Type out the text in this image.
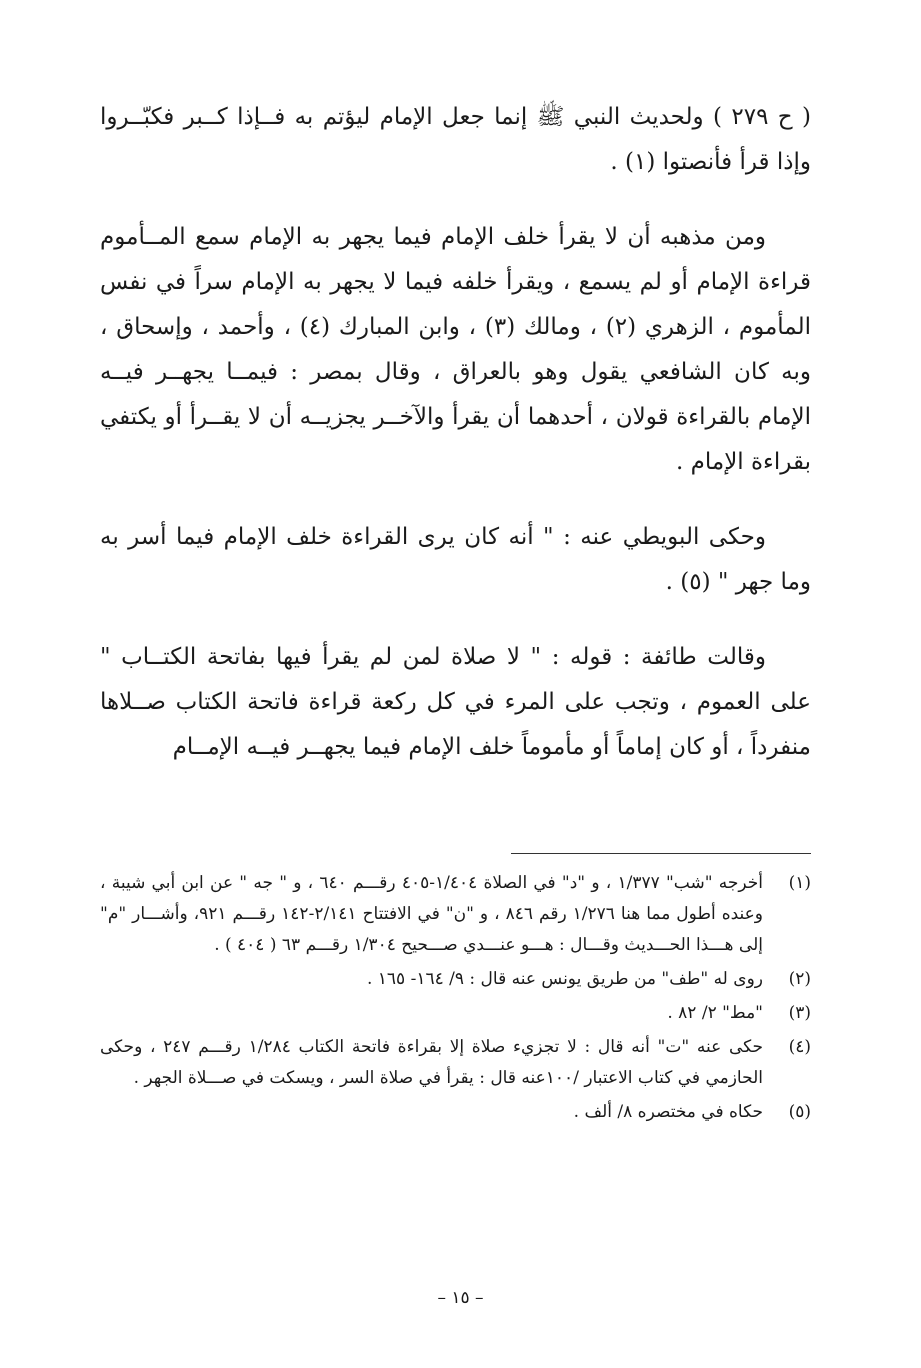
( ح ٢٧٩ ) ولحديث النبي ﷺ إنما جعل الإمام ليؤتم به فــإذا كــبر فكبّــروا وإذا قرأ فأنصتوا (١) .

ومن مذهبه أن لا يقرأ خلف الإمام فيما يجهر به الإمام سمع المــأموم قراءة الإمام أو لم يسمع ، ويقرأ خلفه فيما لا يجهر به الإمام سراً في نفس المأموم ، الزهري (٢) ، ومالك (٣) ، وابن المبارك (٤) ، وأحمد ، وإسحاق ، وبه كان الشافعي يقول وهو بالعراق ، وقال بمصر : فيمــا يجهــر فيــه الإمام بالقراءة قولان ، أحدهما أن يقرأ والآخــر يجزيــه أن لا يقــرأ أو يكتفي بقراءة الإمام .

وحكى البويطي عنه : " أنه كان يرى القراءة خلف الإمام فيما أسر به وما جهر " (٥) .

وقالت طائفة : قوله : " لا صلاة لمن لم يقرأ فيها بفاتحة الكتــاب " على العموم ، وتجب على المرء في كل ركعة قراءة فاتحة الكتاب صــلاها منفرداً ، أو كان إماماً أو مأموماً خلف الإمام فيما يجهــر فيــه الإمــام

(١)
أخرجه "شب" ١/٣٧٧ ، و "د" في الصلاة ١/٤٠٤-٤٠٥ رقـــم ٦٤٠ ، و " جه " عن ابن أبي شيبة ، وعنده أطول مما هنا ١/٢٧٦ رقم ٨٤٦ ، و "ن" في الافتتاح ٢/١٤١-١٤٢ رقـــم ٩٢١، وأشـــار "م" إلى هـــذا الحـــديث وقـــال : هـــو عنـــدي صـــحيح ١/٣٠٤ رقـــم ٦٣ ( ٤٠٤ ) .
(٢)
روى له "طف" من طريق يونس عنه قال : ٩/ ١٦٤- ١٦٥ .
(٣)
"مط" ٢/ ٨٢ .
(٤)
حكى عنه "ت" أنه قال : لا تجزيء صلاة إلا بقراءة فاتحة الكتاب ١/٢٨٤ رقـــم ٢٤٧ ، وحكى الحازمي في كتاب الاعتبار /١٠٠عنه قال : يقرأ في صلاة السر ، ويسكت في صـــلاة الجهر .
(٥)
حكاه في مختصره ٨/ ألف .
– ١٥ –
